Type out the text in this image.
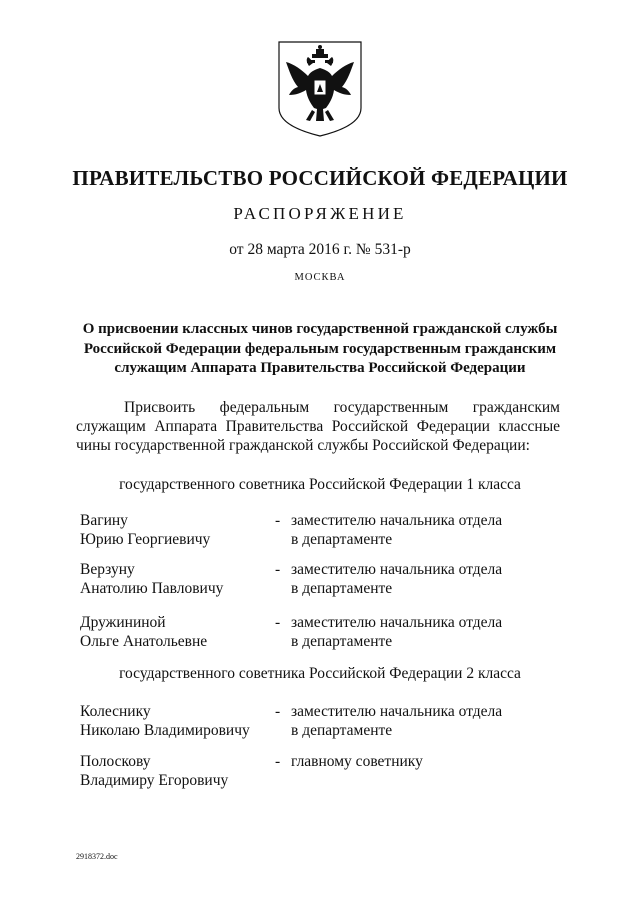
ПРАВИТЕЛЬСТВО РОССИЙСКОЙ ФЕДЕРАЦИИ
РАСПОРЯЖЕНИЕ
от 28 марта 2016 г. № 531-р
МОСКВА
О присвоении классных чинов государственной гражданской службы
Российской Федерации федеральным государственным гражданским
служащим Аппарата Правительства Российской Федерации
Присвоить федеральным государственным гражданским служащим Аппарата Правительства Российской Федерации классные чины государственной гражданской службы Российской Федерации:
государственного советника Российской Федерации 1 класса
Вагину
Юрию Георгиевичу
- заместителю начальника отдела
в департаменте
Верзуну
Анатолию Павловичу
- заместителю начальника отдела
в департаменте
Дружининой
Ольге Анатольевне
- заместителю начальника отдела
в департаменте
государственного советника Российской Федерации 2 класса
Колеснику
Николаю Владимировичу
- заместителю начальника отдела
в департаменте
Полоскову
Владимиру Егоровичу
- главному советнику
2918372.doc
